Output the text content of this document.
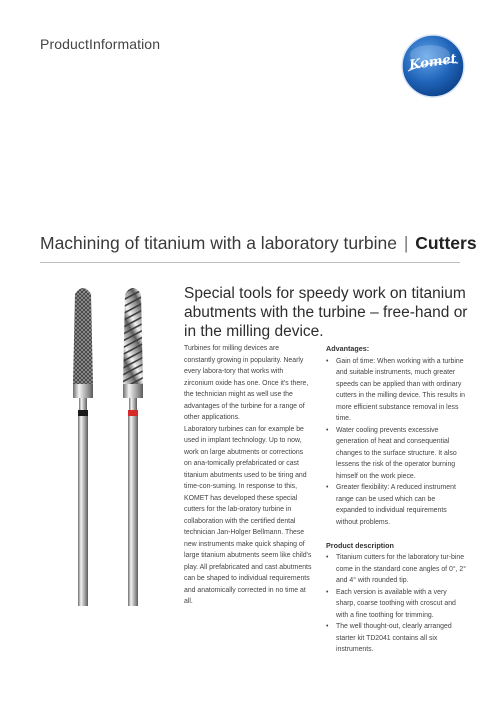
ProductInformation
Komet
Machining of titanium with a laboratory turbine | Cutters
Special tools for speedy work on titanium abutments with the turbine – free-hand or in the milling device.

Turbines for milling devices are constantly growing in popularity. Nearly every labora-tory that works with zirconium oxide has one. Once it's there, the technician might as well use the advantages of the turbine for a range of other applications.

Laboratory turbines can for example be used in implant technology. Up to now, work on large abutments or corrections on ana-tomically prefabricated or cast titanium abutments used to be tiring and time-con-suming. In response to this, KOMET has developed these special cutters for the lab-oratory turbine in collaboration with the certified dental technician Jan-Holger Bellmann. These new instruments make quick shaping of large titanium abutments seem like child's play. All prefabricated and cast abutments can be shaped to individual requirements and anatomically corrected in no time at all.

Advantages:
• Gain of time: When working with a turbine and suitable instruments, much greater speeds can be applied than with ordinary cutters in the milling device. This results in more efficient substance removal in less time.
• Water cooling prevents excessive generation of heat and consequential changes to the surface structure. It also lessens the risk of the operator burning himself on the work piece.
• Greater flexibility: A reduced instrument range can be used which can be expanded to individual requirements without problems.
Product description
• Titanium cutters for the laboratory tur-bine come in the standard cone angles of 0°, 2° and 4° with rounded tip.
• Each version is available with a very sharp, coarse toothing with croscut and with a fine toothing for trimming.
• The well thought-out, clearly arranged starter kit TD2041 contains all six instruments.
